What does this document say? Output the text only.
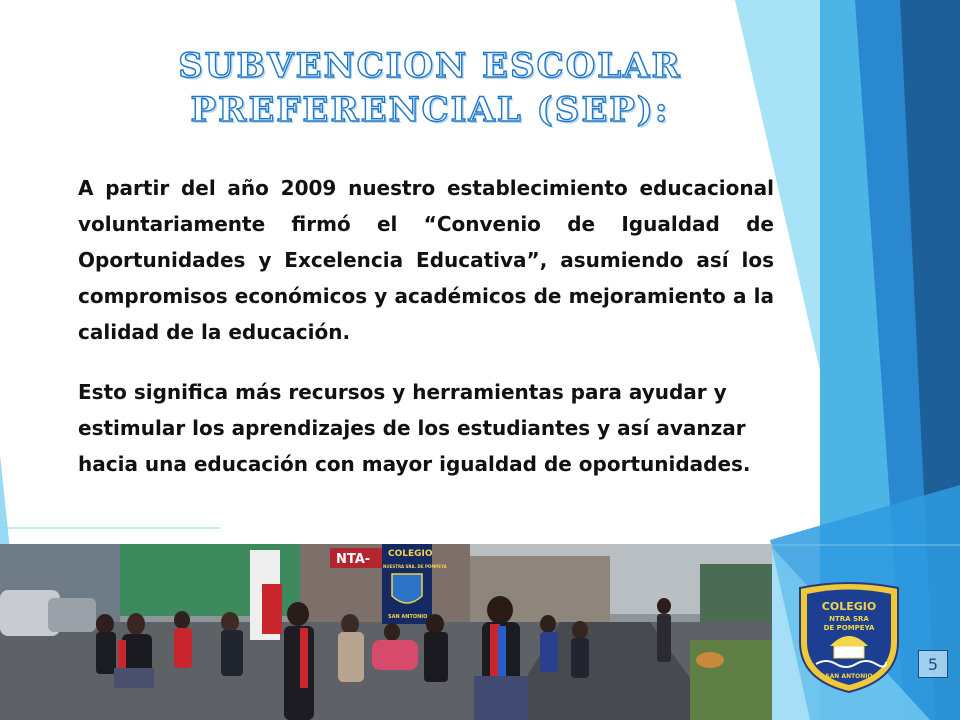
SUBVENCION ESCOLAR PREFERENCIAL (SEP):

A partir del año 2009 nuestro establecimiento educacional voluntariamente firmó el “Convenio de Igualdad de Oportunidades y Excelencia Educativa”, asumiendo así los compromisos económicos y académicos de mejoramiento a la calidad de la educación.

Esto significa más recursos y herramientas para ayudar y estimular los aprendizajes de los estudiantes y así avanzar hacia una educación con mayor igualdad de oportunidades.

NTA- COLEGIO
NUESTRA SRA. DE POMPEYA
SAN ANTONIO
COLEGIO
NTRA SRA
DE POMPEYA
SAN ANTONIO
5
